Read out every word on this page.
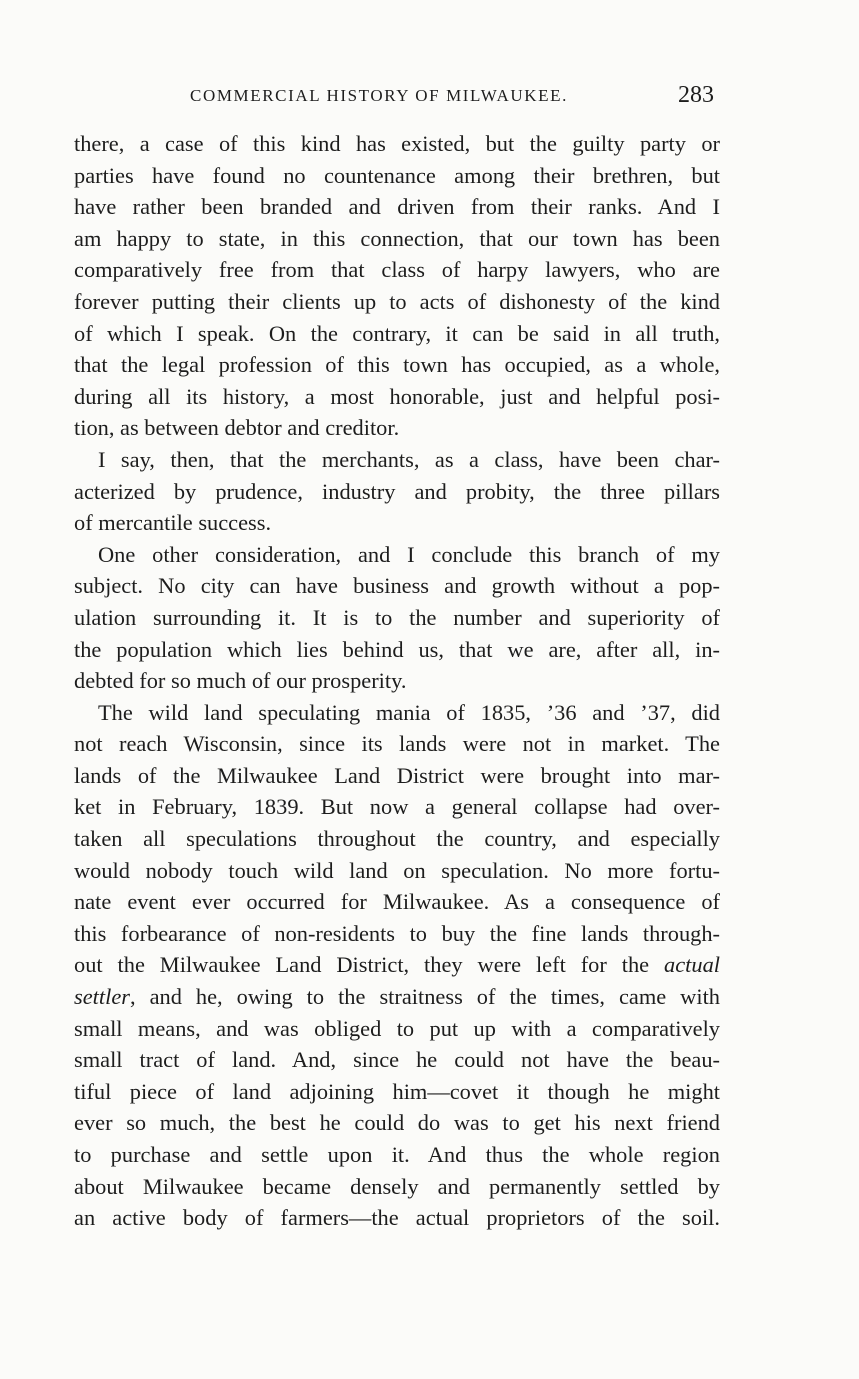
COMMERCIAL HISTORY OF MILWAUKEE.	283
there, a case of this kind has existed, but the guilty party or
parties have found no countenance among their brethren, but
have rather been branded and driven from their ranks. And I
am happy to state, in this connection, that our town has been
comparatively free from that class of harpy lawyers, who are
forever putting their clients up to acts of dishonesty of the kind
of which I speak. On the contrary, it can be said in all truth,
that the legal profession of this town has occupied, as a whole,
during all its history, a most honorable, just and helpful posi-
tion, as between debtor and creditor.
I say, then, that the merchants, as a class, have been char-
acterized by prudence, industry and probity, the three pillars
of mercantile success.
One other consideration, and I conclude this branch of my
subject. No city can have business and growth without a pop-
ulation surrounding it. It is to the number and superiority of
the population which lies behind us, that we are, after all, in-
debted for so much of our prosperity.
The wild land speculating mania of 1835, ’36 and ’37, did
not reach Wisconsin, since its lands were not in market. The
lands of the Milwaukee Land District were brought into mar-
ket in February, 1839. But now a general collapse had over-
taken all speculations throughout the country, and especially
would nobody touch wild land on speculation. No more fortu-
nate event ever occurred for Milwaukee. As a consequence of
this forbearance of non-residents to buy the fine lands through-
out the Milwaukee Land District, they were left for the actual
settler, and he, owing to the straitness of the times, came with
small means, and was obliged to put up with a comparatively
small tract of land. And, since he could not have the beau-
tiful piece of land adjoining him—covet it though he might
ever so much, the best he could do was to get his next friend
to purchase and settle upon it. And thus the whole region
about Milwaukee became densely and permanently settled by
an active body of farmers—the actual proprietors of the soil.
